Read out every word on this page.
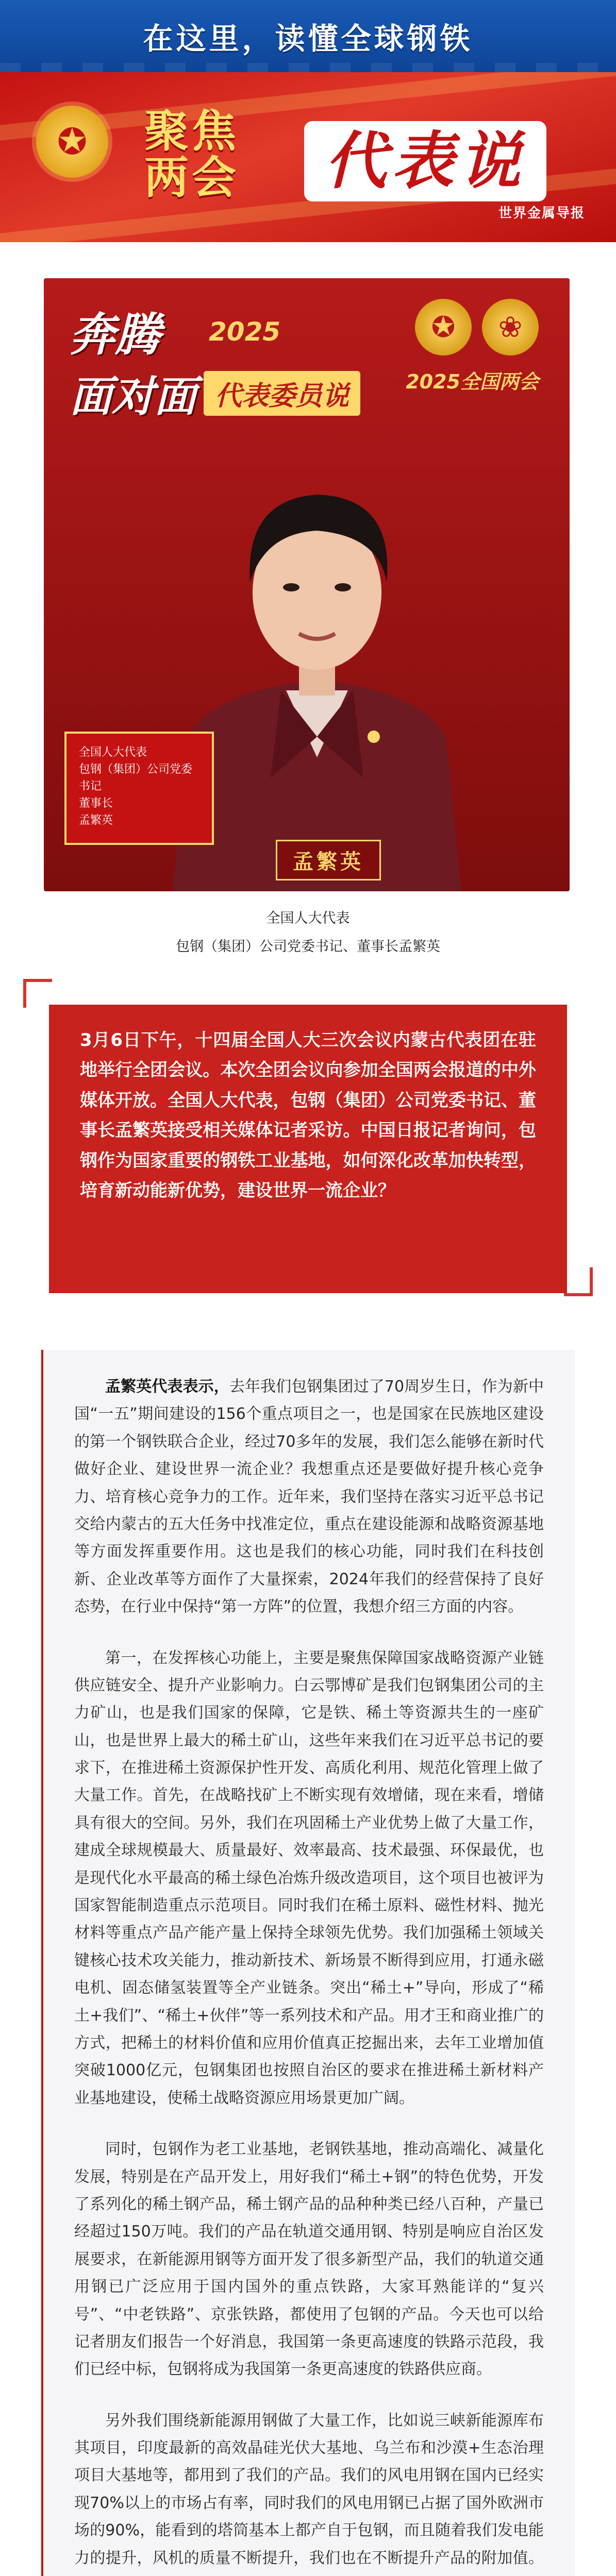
在这里，读懂全球钢铁
✪ 聚焦
两会	代表说
世界金属导报
奔腾 2025
面对面 代表委员说
✪	❀
2025全国两会
全国人大代表
包钢（集团）公司党委书记
董事长
孟繁英
孟繁英
全国人大代表
包钢（集团）公司党委书记、董事长孟繁英
3月6日下午，十四届全国人大三次会议内蒙古代表团在驻地举行全团会议。本次全团会议向参加全国两会报道的中外媒体开放。全国人大代表，包钢（集团）公司党委书记、董事长孟繁英接受相关媒体记者采访。中国日报记者询问，包钢作为国家重要的钢铁工业基地，如何深化改革加快转型，培育新动能新优势，建设世界一流企业？

孟繁英代表表示，去年我们包钢集团过了70周岁生日，作为新中国“一五”期间建设的156个重点项目之一，也是国家在民族地区建设的第一个钢铁联合企业，经过70多年的发展，我们怎么能够在新时代做好企业、建设世界一流企业？我想重点还是要做好提升核心竞争力、培育核心竞争力的工作。近年来，我们坚持在落实习近平总书记交给内蒙古的五大任务中找准定位，重点在建设能源和战略资源基地等方面发挥重要作用。这也是我们的核心功能，同时我们在科技创新、企业改革等方面作了大量探索，2024年我们的经营保持了良好态势，在行业中保持“第一方阵”的位置，我想介绍三方面的内容。

第一，在发挥核心功能上，主要是聚焦保障国家战略资源产业链供应链安全、提升产业影响力。白云鄂博矿是我们包钢集团公司的主力矿山，也是我们国家的保障，它是铁、稀土等资源共生的一座矿山，也是世界上最大的稀土矿山，这些年来我们在习近平总书记的要求下，在推进稀土资源保护性开发、高质化利用、规范化管理上做了大量工作。首先，在战略找矿上不断实现有效增储，现在来看，增储具有很大的空间。另外，我们在巩固稀土产业优势上做了大量工作，建成全球规模最大、质量最好、效率最高、技术最强、环保最优，也是现代化水平最高的稀土绿色冶炼升级改造项目，这个项目也被评为国家智能制造重点示范项目。同时我们在稀土原料、磁性材料、抛光材料等重点产品产能产量上保持全球领先优势。我们加强稀土领域关键核心技术攻关能力，推动新技术、新场景不断得到应用，打通永磁电机、固态储氢装置等全产业链条。突出“稀土+”导向，形成了“稀土+我们”、“稀土+伙伴”等一系列技术和产品。用才王和商业推广的方式，把稀土的材料价值和应用价值真正挖掘出来，去年工业增加值突破1000亿元，包钢集团也按照自治区的要求在推进稀土新材料产业基地建设，使稀土战略资源应用场景更加广阔。

同时，包钢作为老工业基地，老钢铁基地，推动高端化、减量化发展，特别是在产品开发上，用好我们“稀土+钢”的特色优势，开发了系列化的稀土钢产品，稀土钢产品的品种种类已经八百种，产量已经超过150万吨。我们的产品在轨道交通用钢、特别是响应自治区发展要求，在新能源用钢等方面开发了很多新型产品，我们的轨道交通用钢已广泛应用于国内国外的重点铁路，大家耳熟能详的“复兴号”、“中老铁路”、京张铁路，都使用了包钢的产品。今天也可以给记者朋友们报告一个好消息，我国第一条更高速度的铁路示范段，我们已经中标，包钢将成为我国第一条更高速度的铁路供应商。

另外我们围绕新能源用钢做了大量工作，比如说三峡新能源库布其项目，印度最新的高效晶硅光伏大基地、乌兰布和沙漠+生态治理项目大基地等，都用到了我们的产品。我们的风电用钢在国内已经实现70%以上的市场占有率，同时我们的风电用钢已占据了国外欧洲市场的90%，能看到的塔筒基本上都产自于包钢，而且随着我们发电能力的提升，风机的质量不断提升，我们也在不断提升产品的附加值。
